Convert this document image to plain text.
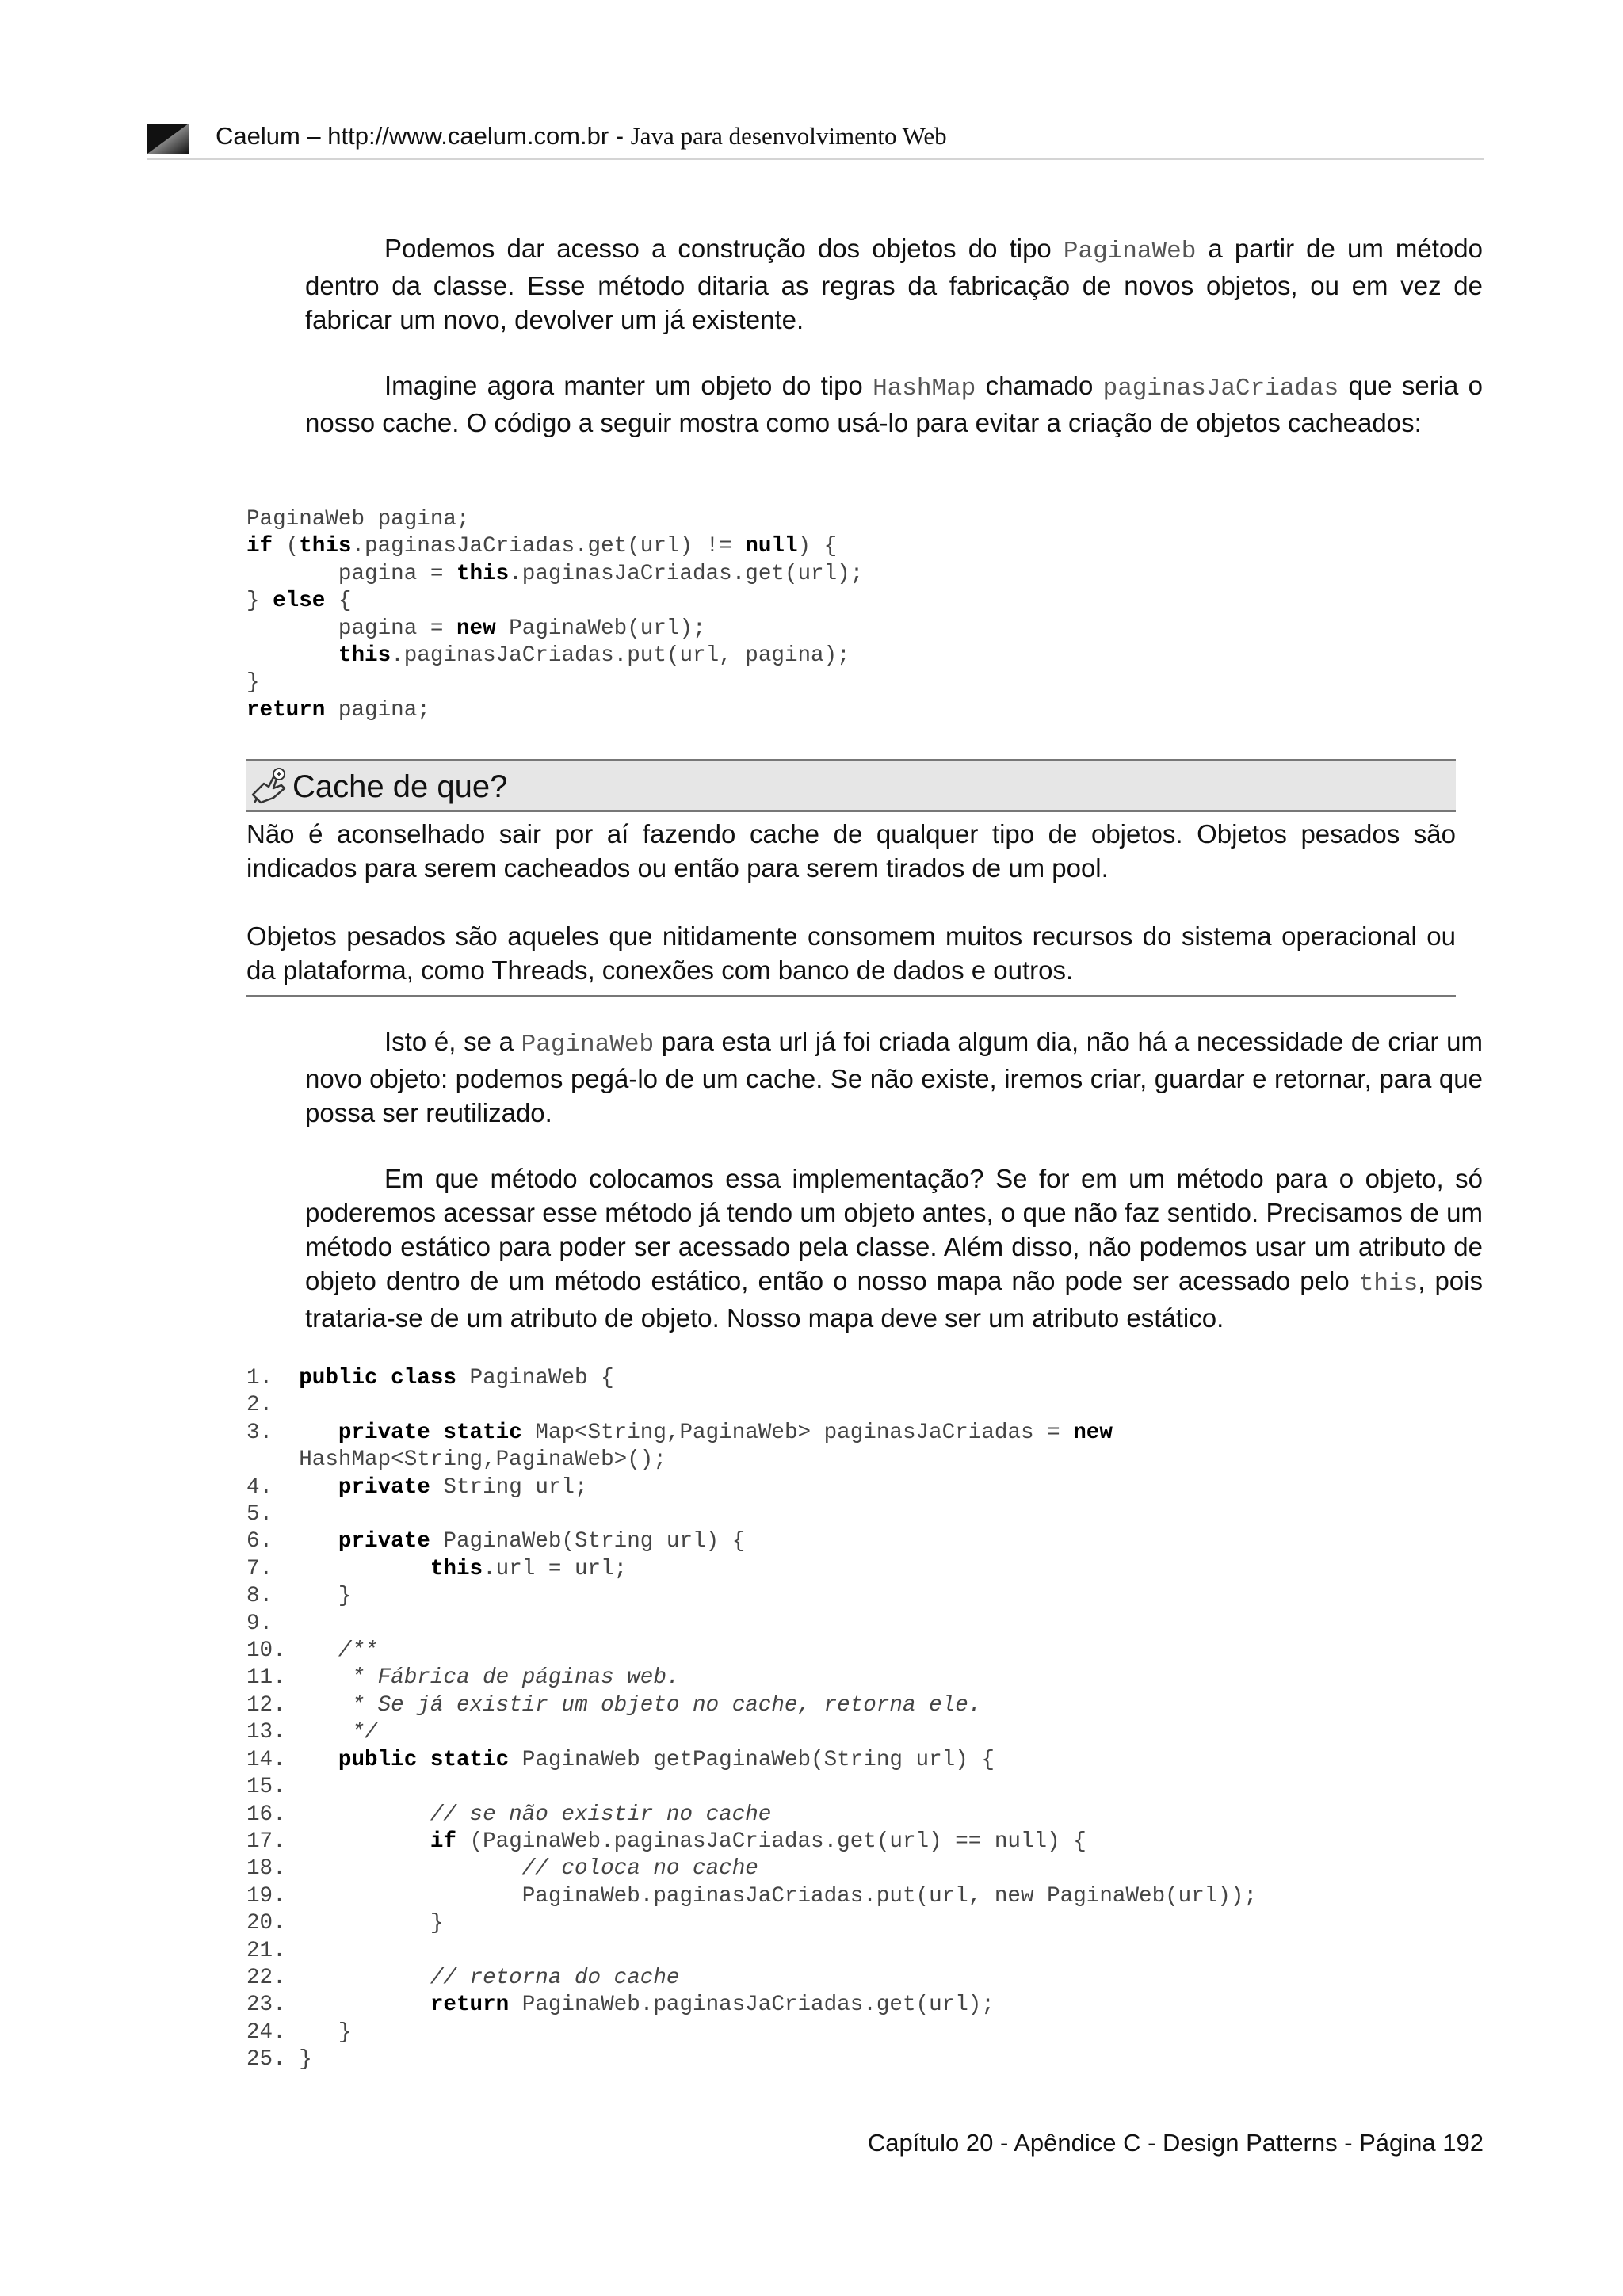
Caelum – http://www.caelum.com.br - Java para desenvolvimento Web

Podemos dar acesso a construção dos objetos do tipo PaginaWeb a partir de um método dentro da classe. Esse método ditaria as regras da fabricação de novos objetos, ou em vez de fabricar um novo, devolver um já existente.

Imagine agora manter um objeto do tipo HashMap chamado paginasJaCriadas que seria o nosso cache. O código a seguir mostra como usá-lo para evitar a criação de objetos cacheados:

PaginaWeb pagina;
if (this.paginasJaCriadas.get(url) != null) {
pagina = this.paginasJaCriadas.get(url);
} else {
pagina = new PaginaWeb(url);
this.paginasJaCriadas.put(url, pagina);
}
return pagina;
Cache de que?

Não é aconselhado sair por aí fazendo cache de qualquer tipo de objetos. Objetos pesados são indicados para serem cacheados ou então para serem tirados de um pool.

Objetos pesados são aqueles que nitidamente consomem muitos recursos do sistema operacional ou da plataforma, como Threads, conexões com banco de dados e outros.

Isto é, se a PaginaWeb para esta url já foi criada algum dia, não há a necessidade de criar um novo objeto: podemos pegá-lo de um cache. Se não existe, iremos criar, guardar e retornar, para que possa ser reutilizado.

Em que método colocamos essa implementação? Se for em um método para o objeto, só poderemos acessar esse método já tendo um objeto antes, o que não faz sentido. Precisamos de um método estático para poder ser acessado pela classe. Além disso, não podemos usar um atributo de objeto dentro de um método estático, então o nosso mapa não pode ser acessado pelo this, pois trataria-se de um atributo de objeto. Nosso mapa deve ser um atributo estático.

1.  public class PaginaWeb {
2.
3.     private static Map<String,PaginaWeb> paginasJaCriadas = new
HashMap<String,PaginaWeb>();
4.     private String url;
5.
6.     private PaginaWeb(String url) {
7.            this.url = url;
8.     }
9.
10.    /**
11.     * Fábrica de páginas web.
12.     * Se já existir um objeto no cache, retorna ele.
13.     */
14.    public static PaginaWeb getPaginaWeb(String url) {
15.
16.           // se não existir no cache
17.           if (PaginaWeb.paginasJaCriadas.get(url) == null) {
18.                  // coloca no cache
19.                  PaginaWeb.paginasJaCriadas.put(url, new PaginaWeb(url));
20.           }
21.
22.           // retorna do cache
23.           return PaginaWeb.paginasJaCriadas.get(url);
24.    }
25. }
Capítulo 20 - Apêndice C - Design Patterns - Página 192
